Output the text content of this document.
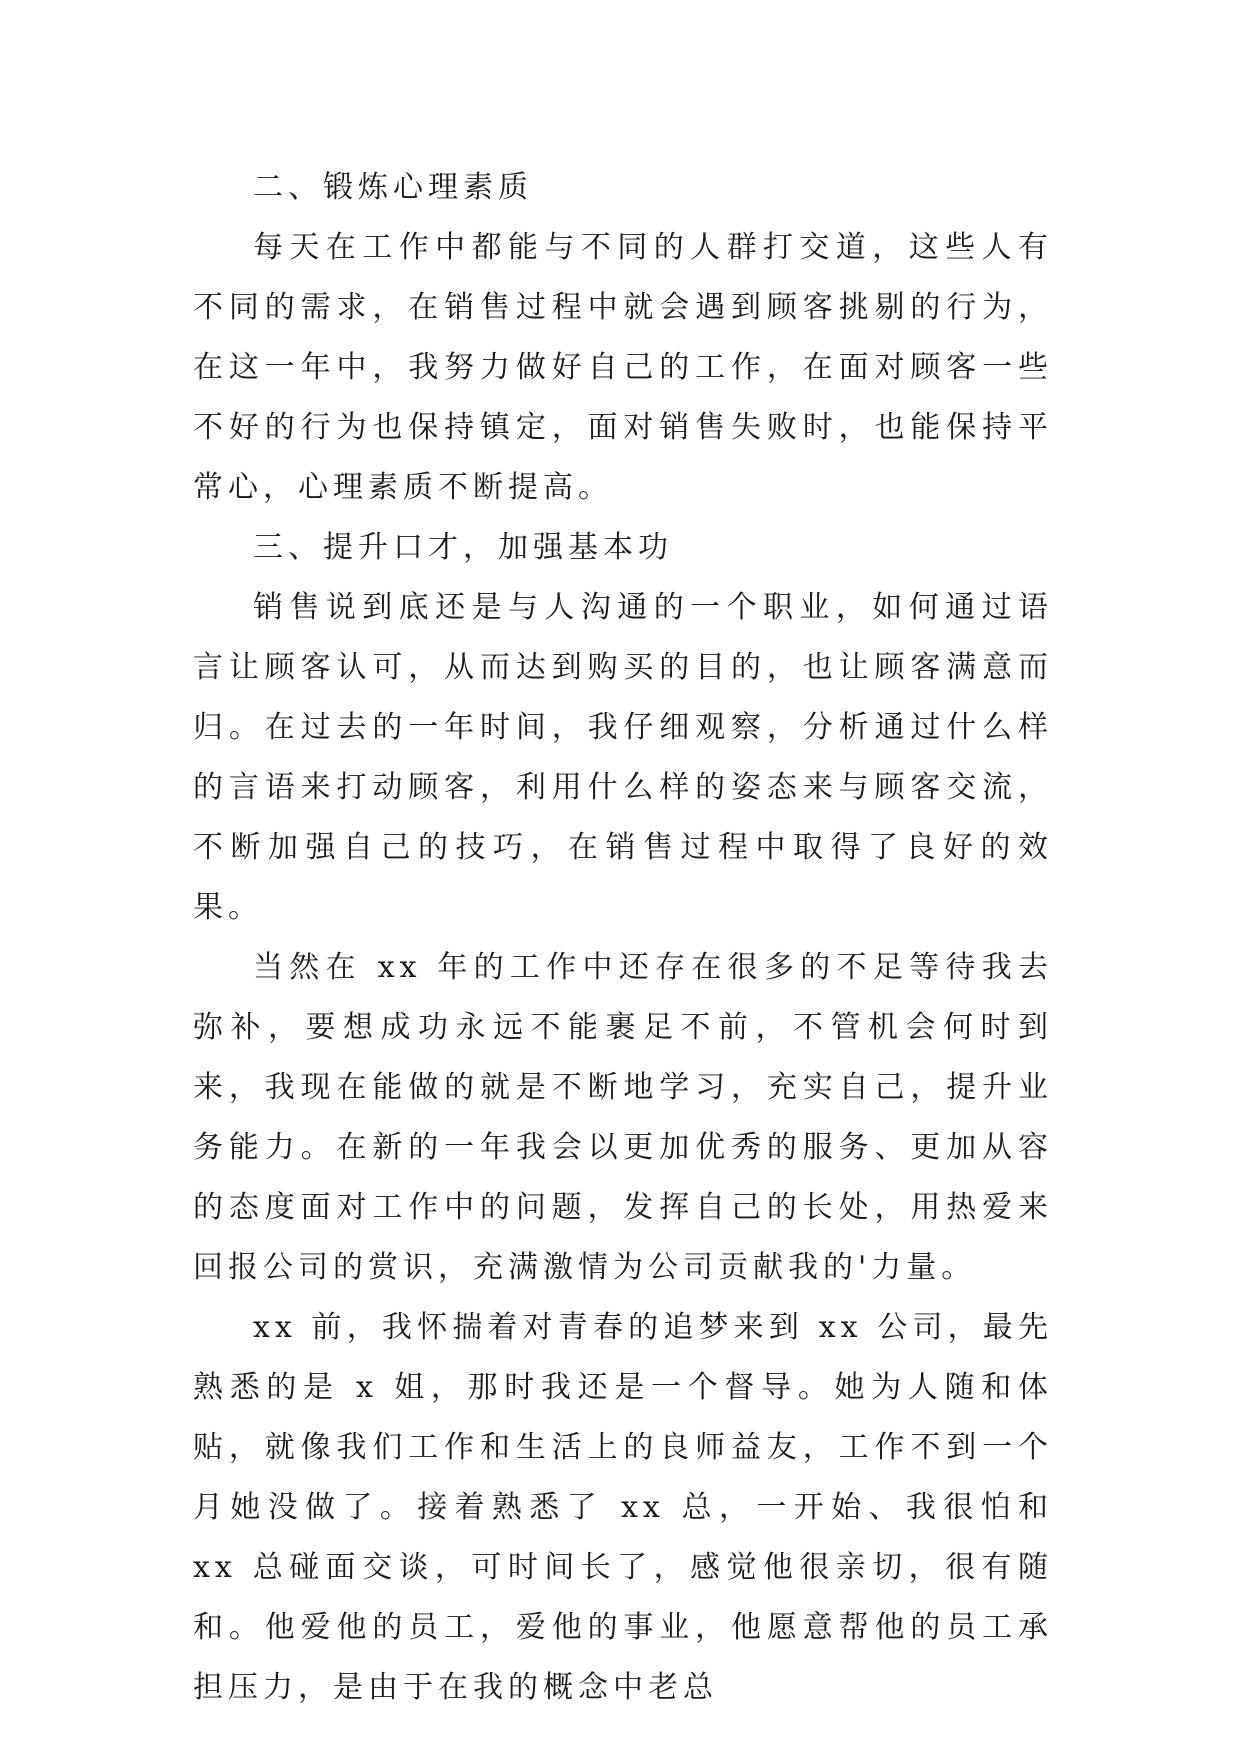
二、锻炼心理素质

每天在工作中都能与不同的人群打交道，这些人有不同的需求，在销售过程中就会遇到顾客挑剔的行为，在这一年中，我努力做好自己的工作，在面对顾客一些不好的行为也保持镇定，面对销售失败时，也能保持平常心，心理素质不断提高。

三、提升口才，加强基本功

销售说到底还是与人沟通的一个职业，如何通过语言让顾客认可，从而达到购买的目的，也让顾客满意而归。在过去的一年时间，我仔细观察，分析通过什么样的言语来打动顾客，利用什么样的姿态来与顾客交流，不断加强自己的技巧，在销售过程中取得了良好的效果。

当然在 xx 年的工作中还存在很多的不足等待我去弥补，要想成功永远不能裹足不前，不管机会何时到来，我现在能做的就是不断地学习，充实自己，提升业务能力。在新的一年我会以更加优秀的服务、更加从容的态度面对工作中的问题，发挥自己的长处，用热爱来回报公司的赏识，充满激情为公司贡献我的'力量。

xx 前，我怀揣着对青春的追梦来到 xx 公司，最先熟悉的是 x 姐，那时我还是一个督导。她为人随和体贴，就像我们工作和生活上的良师益友，工作不到一个月她没做了。接着熟悉了 xx 总，一开始、我很怕和 xx 总碰面交谈，可时间长了，感觉他很亲切，很有随和。他爱他的员工，爱他的事业，他愿意帮他的员工承担压力，是由于在我的概念中老总
